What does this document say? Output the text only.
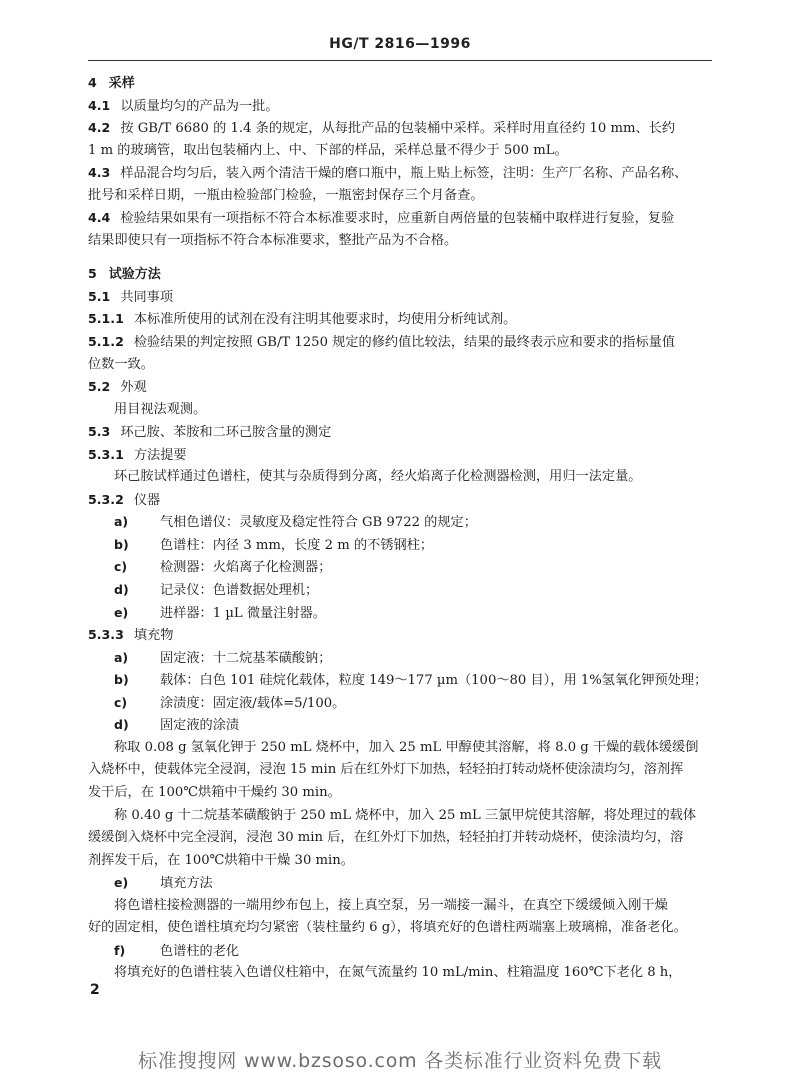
HG/T 2816—1996
4 采样
4.1 以质量均匀的产品为一批。
4.2 按 GB/T 6680 的 1.4 条的规定，从每批产品的包装桶中采样。采样时用直径约 10 mm、长约
1 m 的玻璃管，取出包装桶内上、中、下部的样品，采样总量不得少于 500 mL。
4.3 样品混合均匀后，装入两个清洁干燥的磨口瓶中，瓶上贴上标签，注明：生产厂名称、产品名称、
批号和采样日期，一瓶由检验部门检验，一瓶密封保存三个月备查。
4.4 检验结果如果有一项指标不符合本标准要求时，应重新自两倍量的包装桶中取样进行复验，复验
结果即使只有一项指标不符合本标准要求，整批产品为不合格。
5 试验方法
5.1 共同事项
5.1.1 本标准所使用的试剂在没有注明其他要求时，均使用分析纯试剂。
5.1.2 检验结果的判定按照 GB/T 1250 规定的修约值比较法，结果的最终表示应和要求的指标量值
位数一致。
5.2 外观
用目视法观测。
5.3 环己胺、苯胺和二环己胺含量的测定
5.3.1 方法提要
环己胺试样通过色谱柱，使其与杂质得到分离，经火焰离子化检测器检测，用归一法定量。
5.3.2 仪器
a) 气相色谱仪：灵敏度及稳定性符合 GB 9722 的规定；
b) 色谱柱：内径 3 mm，长度 2 m 的不锈钢柱；
c) 检测器：火焰离子化检测器；
d) 记录仪：色谱数据处理机；
e) 进样器：1 µL 微量注射器。
5.3.3 填充物
a) 固定液：十二烷基苯磺酸钠；
b) 载体：白色 101 硅烷化载体，粒度 149～177 µm（100～80 目），用 1%氢氧化钾预处理；
c) 涂渍度：固定液/载体=5/100。
d) 固定液的涂渍
称取 0.08 g 氢氧化钾于 250 mL 烧杯中，加入 25 mL 甲醇使其溶解，将 8.0 g 干燥的载体缓缓倒
入烧杯中，使载体完全浸润，浸泡 15 min 后在红外灯下加热，轻轻拍打转动烧杯使涂渍均匀，溶剂挥
发干后，在 100℃烘箱中干燥约 30 min。
称 0.40 g 十二烷基苯磺酸钠于 250 mL 烧杯中，加入 25 mL 三氯甲烷使其溶解，将处理过的载体
缓缓倒入烧杯中完全浸润，浸泡 30 min 后，在红外灯下加热，轻轻拍打并转动烧杯，使涂渍均匀，溶
剂挥发干后，在 100℃烘箱中干燥 30 min。
e) 填充方法
将色谱柱接检测器的一端用纱布包上，接上真空泵，另一端接一漏斗，在真空下缓缓倾入刚干燥
好的固定相，使色谱柱填充均匀紧密（装柱量约 6 g），将填充好的色谱柱两端塞上玻璃棉，准备老化。
f)	色谱柱的老化
将填充好的色谱柱装入色谱仪柱箱中，在氮气流量约 10 mL/min、柱箱温度 160℃下老化 8 h，
2
标准搜搜网 www.bzsoso.com 各类标准行业资料免费下载
